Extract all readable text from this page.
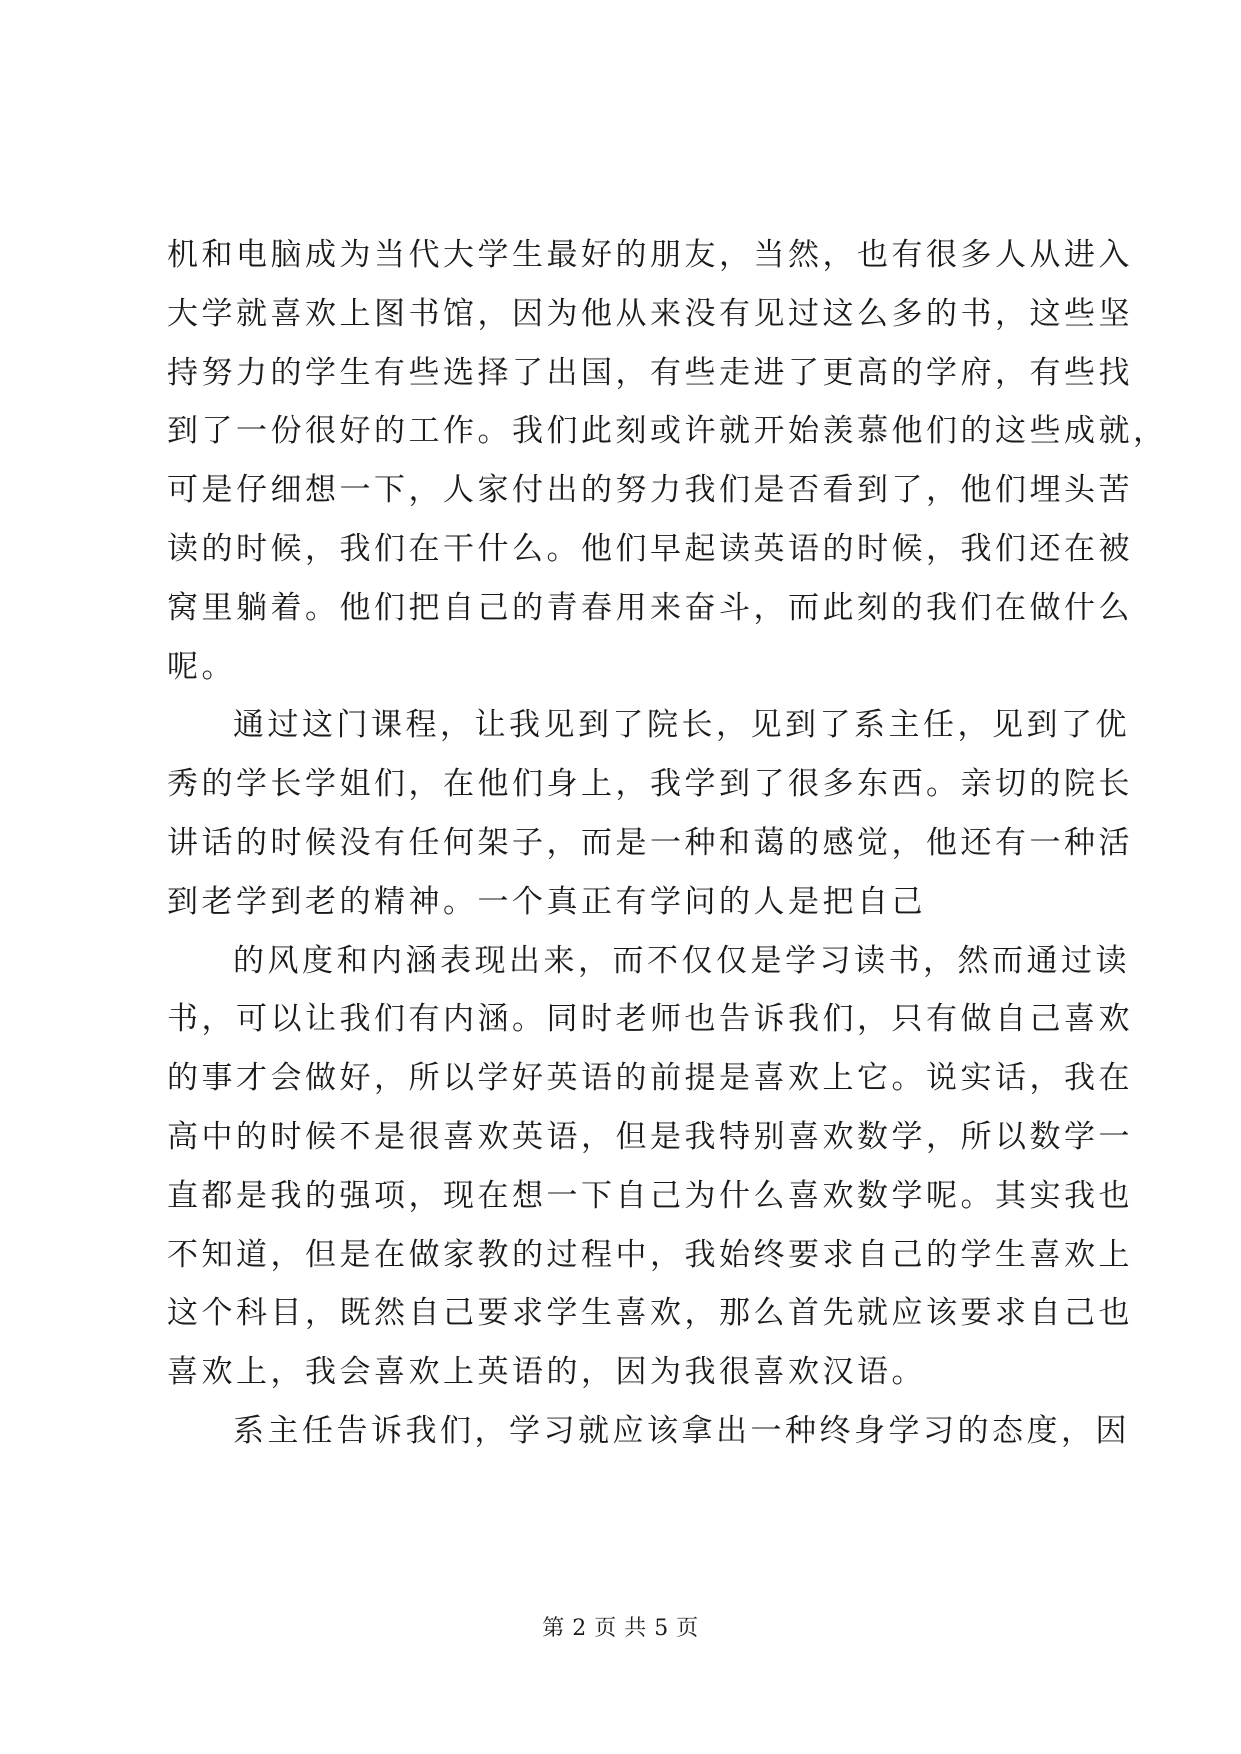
机和电脑成为当代大学生最好的朋友，当然，也有很多人从进入
大学就喜欢上图书馆，因为他从来没有见过这么多的书，这些坚
持努力的学生有些选择了出国，有些走进了更高的学府，有些找
到了一份很好的工作。我们此刻或许就开始羡慕他们的这些成就，
可是仔细想一下，人家付出的努力我们是否看到了，他们埋头苦
读的时候，我们在干什么。他们早起读英语的时候，我们还在被
窝里躺着。他们把自己的青春用来奋斗，而此刻的我们在做什么
呢。
通过这门课程，让我见到了院长，见到了系主任，见到了优
秀的学长学姐们，在他们身上，我学到了很多东西。亲切的院长
讲话的时候没有任何架子，而是一种和蔼的感觉，他还有一种活
到老学到老的精神。一个真正有学问的人是把自己
的风度和内涵表现出来，而不仅仅是学习读书，然而通过读
书，可以让我们有内涵。同时老师也告诉我们，只有做自己喜欢
的事才会做好，所以学好英语的前提是喜欢上它。说实话，我在
高中的时候不是很喜欢英语，但是我特别喜欢数学，所以数学一
直都是我的强项，现在想一下自己为什么喜欢数学呢。其实我也
不知道，但是在做家教的过程中，我始终要求自己的学生喜欢上
这个科目，既然自己要求学生喜欢，那么首先就应该要求自己也
喜欢上，我会喜欢上英语的，因为我很喜欢汉语。
系主任告诉我们，学习就应该拿出一种终身学习的态度，因
第 2 页 共 5 页
